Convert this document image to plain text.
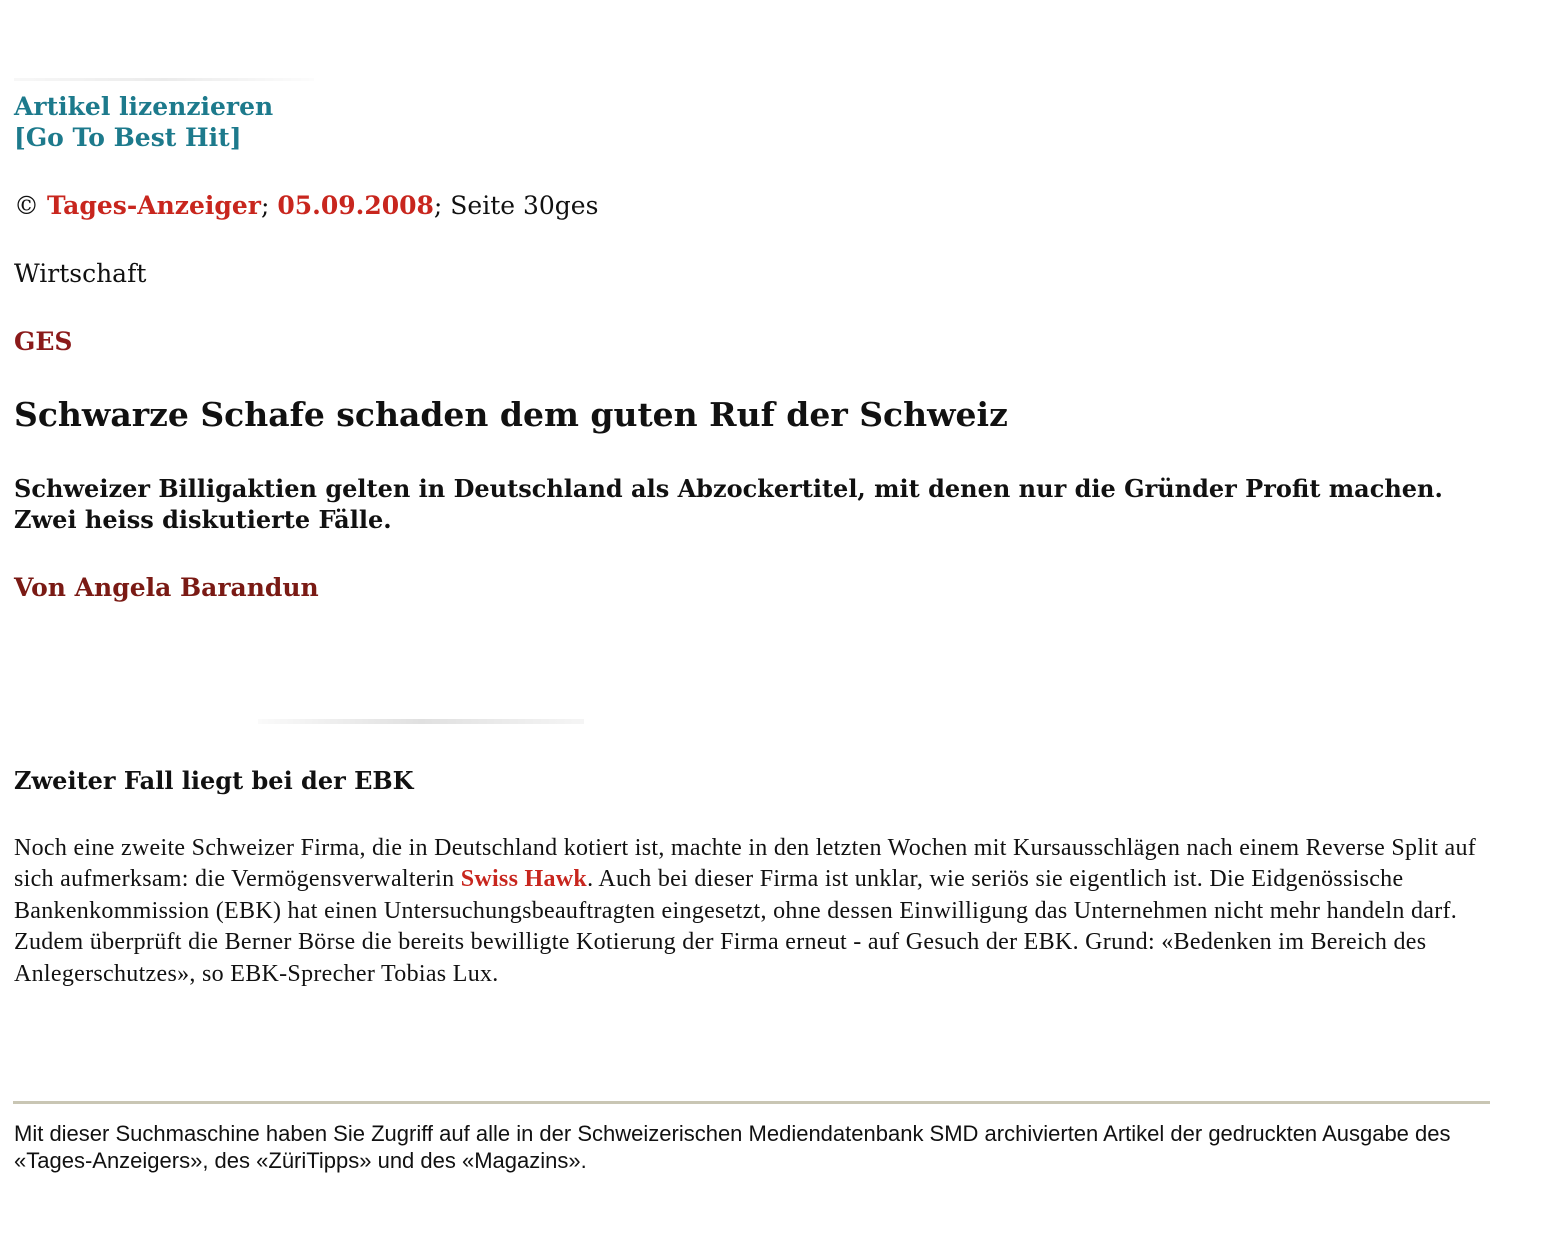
Artikel lizenzieren
[Go To Best Hit]

© Tages-Anzeiger; 05.09.2008; Seite 30ges

Wirtschaft

GES

Schwarze Schafe schaden dem guten Ruf der Schweiz

Schweizer Billigaktien gelten in Deutschland als Abzockertitel, mit denen nur die Gründer Profit machen. Zwei heiss diskutierte Fälle.

Von Angela Barandun

Zweiter Fall liegt bei der EBK

Noch eine zweite Schweizer Firma, die in Deutschland kotiert ist, machte in den letzten Wochen mit Kursausschlägen nach einem Reverse Split auf sich aufmerksam: die Vermögensverwalterin Swiss Hawk. Auch bei dieser Firma ist unklar, wie seriös sie eigentlich ist. Die Eidgenössische Bankenkommission (EBK) hat einen Untersuchungsbeauftragten eingesetzt, ohne dessen Einwilligung das Unternehmen nicht mehr handeln darf. Zudem überprüft die Berner Börse die bereits bewilligte Kotierung der Firma erneut - auf Gesuch der EBK. Grund: «Bedenken im Bereich des Anlegerschutzes», so EBK-Sprecher Tobias Lux.

Mit dieser Suchmaschine haben Sie Zugriff auf alle in der Schweizerischen Mediendatenbank SMD archivierten Artikel der gedruckten Ausgabe des «Tages-Anzeigers», des «ZüriTipps» und des «Magazins».
